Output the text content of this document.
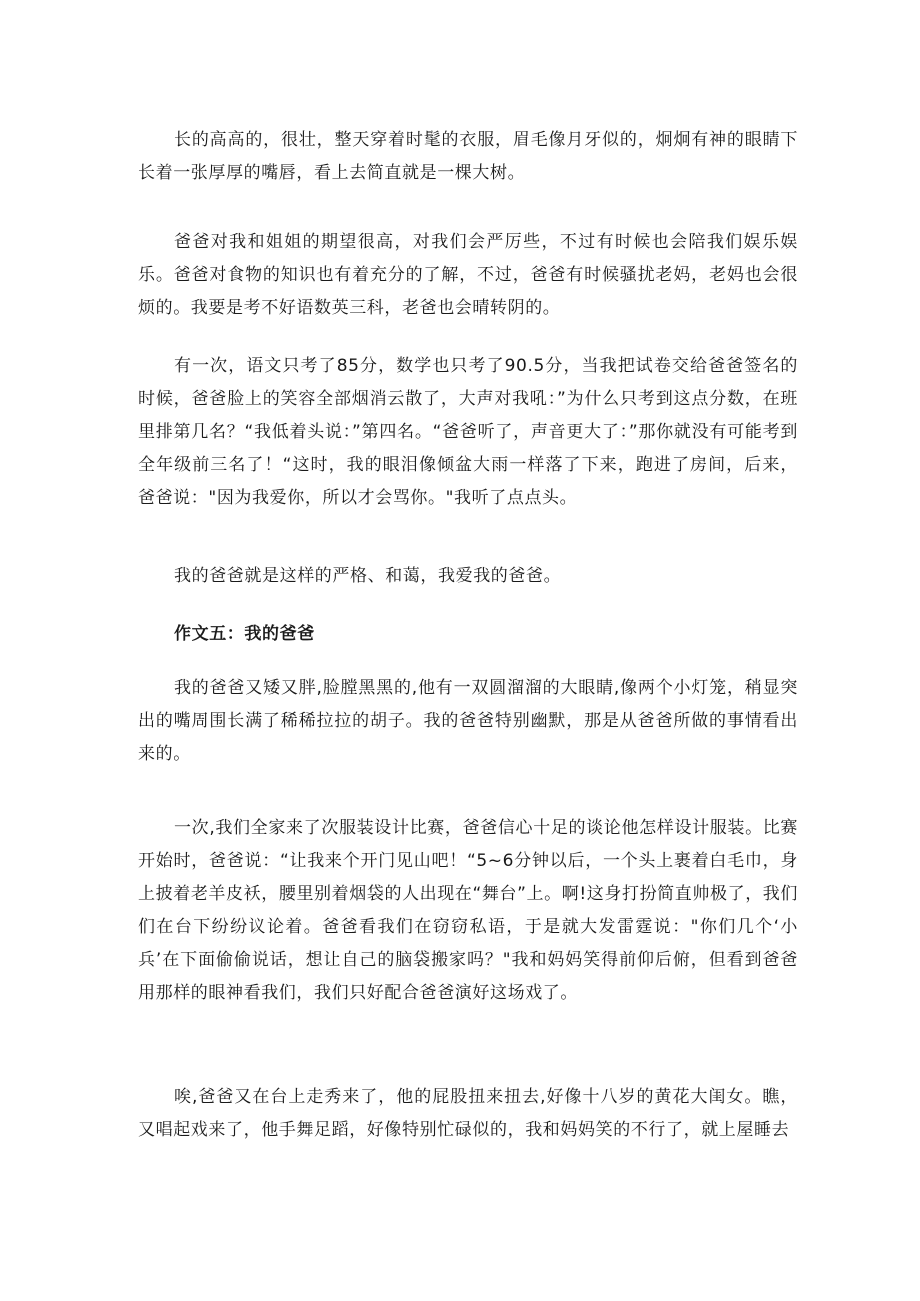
长的高高的，很壮，整天穿着时髦的衣服，眉毛像月牙似的，炯炯有神的眼睛下长着一张厚厚的嘴唇，看上去简直就是一棵大树。

爸爸对我和姐姐的期望很高，对我们会严厉些，不过有时候也会陪我们娱乐娱乐。爸爸对食物的知识也有着充分的了解，不过，爸爸有时候骚扰老妈，老妈也会很烦的。我要是考不好语数英三科，老爸也会晴转阴的。

有一次，语文只考了85分，数学也只考了90.5分，当我把试卷交给爸爸签名的时候，爸爸脸上的笑容全部烟消云散了，大声对我吼：”为什么只考到这点分数，在班里排第几名？“我低着头说：”第四名。“爸爸听了，声音更大了：”那你就没有可能考到全年级前三名了！“这时，我的眼泪像倾盆大雨一样落了下来，跑进了房间，后来，爸爸说："因为我爱你，所以才会骂你。"我听了点点头。

我的爸爸就是这样的严格、和蔼，我爱我的爸爸。

作文五：我的爸爸

我的爸爸又矮又胖,脸膛黑黑的,他有一双圆溜溜的大眼睛,像两个小灯笼，稍显突出的嘴周围长满了稀稀拉拉的胡子。我的爸爸特别幽默，那是从爸爸所做的事情看出来的。

一次,我们全家来了次服装设计比赛，爸爸信心十足的谈论他怎样设计服装。比赛开始时，爸爸说：“让我来个开门见山吧！“5~6分钟以后，一个头上裹着白毛巾，身上披着老羊皮袄，腰里别着烟袋的人出现在“舞台”上。啊!这身打扮简直帅极了，我们们在台下纷纷议论着。爸爸看我们在窃窃私语，于是就大发雷霆说："你们几个‘小兵’在下面偷偷说话，想让自己的脑袋搬家吗？"我和妈妈笑得前仰后俯，但看到爸爸用那样的眼神看我们，我们只好配合爸爸演好这场戏了。

唉,爸爸又在台上走秀来了，他的屁股扭来扭去,好像十八岁的黄花大闺女。瞧，又唱起戏来了，他手舞足蹈，好像特别忙碌似的，我和妈妈笑的不行了，就上屋睡去
